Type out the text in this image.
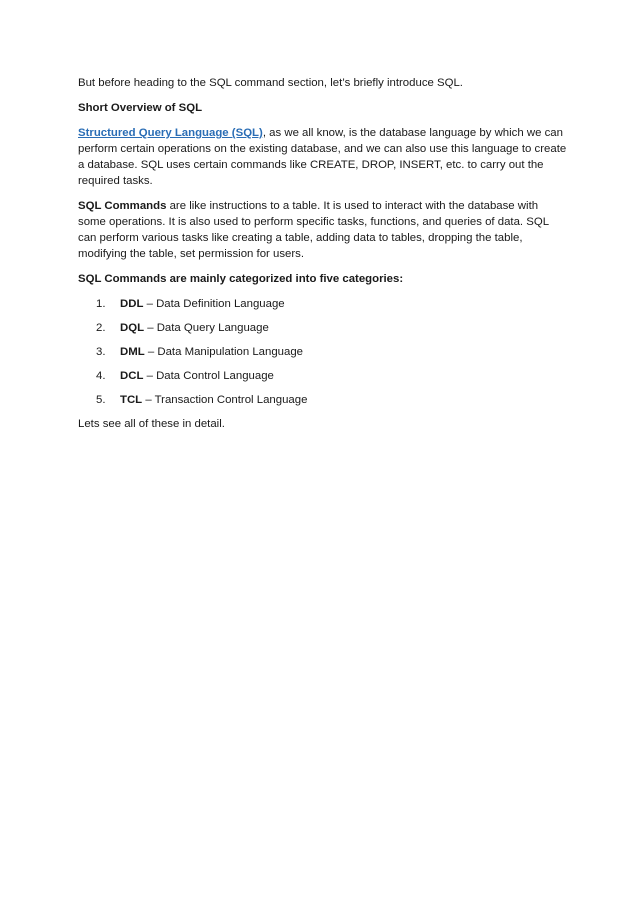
But before heading to the SQL command section, let’s briefly introduce SQL.

Short Overview of SQL

Structured Query Language (SQL), as we all know, is the database language by which we can perform certain operations on the existing database, and we can also use this language to create a database. SQL uses certain commands like CREATE, DROP, INSERT, etc. to carry out the required tasks.

SQL Commands are like instructions to a table. It is used to interact with the database with some operations. It is also used to perform specific tasks, functions, and queries of data. SQL can perform various tasks like creating a table, adding data to tables, dropping the table, modifying the table, set permission for users.

SQL Commands are mainly categorized into five categories:

1. DDL – Data Definition Language
2. DQL – Data Query Language
3. DML – Data Manipulation Language
4. DCL – Data Control Language
5. TCL – Transaction Control Language

Lets see all of these in detail.
